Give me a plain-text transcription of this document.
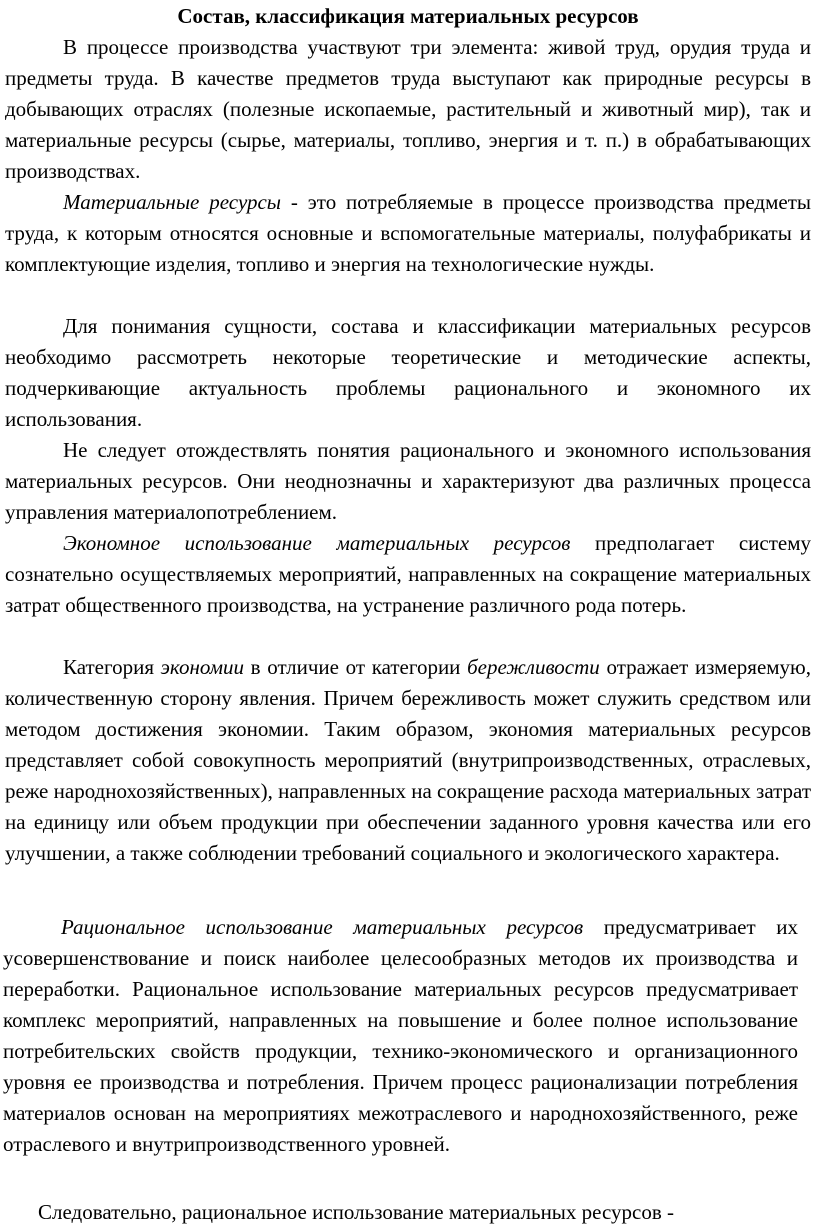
Состав, классификация материальных ресурсов

В процессе производства участвуют три элемента: живой труд, орудия труда и предметы труда. В качестве предметов труда выступают как природные ресурсы в добывающих отраслях (полезные ископаемые, растительный и животный мир), так и материальные ресурсы (сырье, материалы, топливо, энергия и т. п.) в обрабатывающих производствах.

Материальные ресурсы - это потребляемые в процессе производства предметы труда, к которым относятся основные и вспомогательные материалы, полуфабрикаты и комплектующие изделия, топливо и энергия на технологические нужды.

Для понимания сущности, состава и классификации материальных ресурсов необходимо рассмотреть некоторые теоретические и методические аспекты, подчеркивающие актуальность проблемы рационального и экономного их использования.

Не следует отождествлять понятия рационального и экономного использования материальных ресурсов. Они неоднозначны и характеризуют два различных процесса управления материалопотреблением.

Экономное использование материальных ресурсов предполагает систему сознательно осуществляемых мероприятий, направленных на сокращение материальных затрат общественного производства, на устранение различного рода потерь.

Категория экономии в отличие от категории бережливости отражает измеряемую, количественную сторону явления. Причем бережливость может служить средством или методом достижения экономии. Таким образом, экономия материальных ресурсов представляет собой совокупность мероприятий (внутрипроизводственных, отраслевых, реже народнохозяйственных), направленных на сокращение расхода материальных затрат на единицу или объем продукции при обеспечении заданного уровня качества или его улучшении, а также соблюдении требований социального и экологического характера.

Рациональное использование материальных ресурсов предусматривает их усовершенствование и поиск наиболее целесообразных методов их производства и переработки. Рациональное использование материальных ресурсов предусматривает комплекс мероприятий, направленных на повышение и более полное использование потребительских свойств продукции, технико-экономического и организационного уровня ее производства и потребления. Причем процесс рационализации потребления материалов основан на мероприятиях межотраслевого и народнохозяйственного, реже отраслевого и внутрипроизводственного уровней.

Следовательно, рациональное использование материальных ресурсов -
